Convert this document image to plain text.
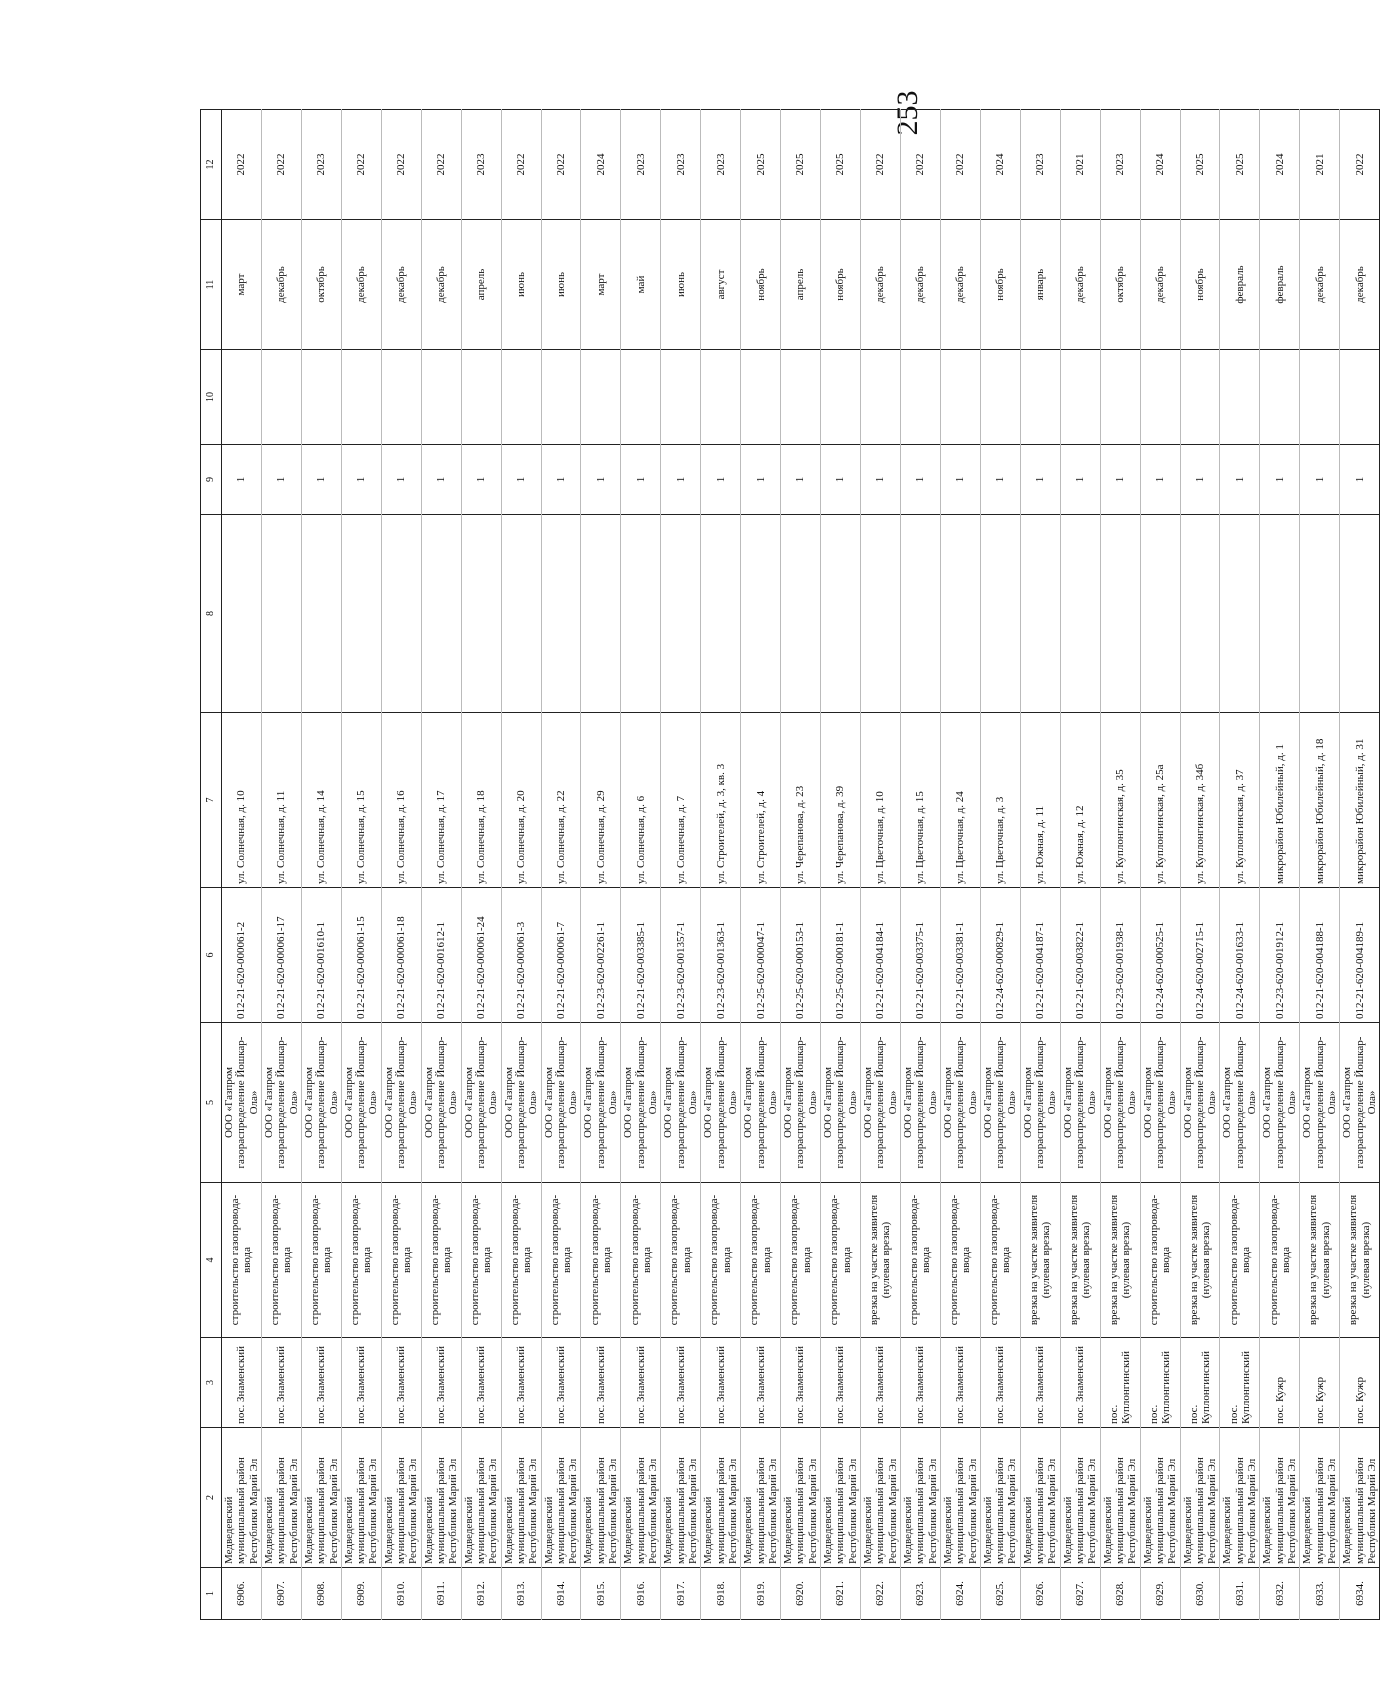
253
1	2	3	4	5	6	7	8	9	10	11	12
6906.	Медведевский муниципальный район Республики Марий Эл	пос. Знаменский	строительство газопровода-ввода	ООО «Газпром газораспределение Йошкар-Ола»	012-21-620-000061-2	ул. Солнечная, д. 10		1		март	2022
6907.	Медведевский муниципальный район Республики Марий Эл	пос. Знаменский	строительство газопровода-ввода	ООО «Газпром газораспределение Йошкар-Ола»	012-21-620-000061-17	ул. Солнечная, д. 11		1		декабрь	2022
6908.	Медведевский муниципальный район Республики Марий Эл	пос. Знаменский	строительство газопровода-ввода	ООО «Газпром газораспределение Йошкар-Ола»	012-21-620-001610-1	ул. Солнечная, д. 14		1		октябрь	2023
6909.	Медведевский муниципальный район Республики Марий Эл	пос. Знаменский	строительство газопровода-ввода	ООО «Газпром газораспределение Йошкар-Ола»	012-21-620-000061-15	ул. Солнечная, д. 15		1		декабрь	2022
6910.	Медведевский муниципальный район Республики Марий Эл	пос. Знаменский	строительство газопровода-ввода	ООО «Газпром газораспределение Йошкар-Ола»	012-21-620-000061-18	ул. Солнечная, д. 16		1		декабрь	2022
6911.	Медведевский муниципальный район Республики Марий Эл	пос. Знаменский	строительство газопровода-ввода	ООО «Газпром газораспределение Йошкар-Ола»	012-21-620-001612-1	ул. Солнечная, д. 17		1		декабрь	2022
6912.	Медведевский муниципальный район Республики Марий Эл	пос. Знаменский	строительство газопровода-ввода	ООО «Газпром газораспределение Йошкар-Ола»	012-21-620-000061-24	ул. Солнечная, д. 18		1		апрель	2023
6913.	Медведевский муниципальный район Республики Марий Эл	пос. Знаменский	строительство газопровода-ввода	ООО «Газпром газораспределение Йошкар-Ола»	012-21-620-000061-3	ул. Солнечная, д. 20		1		июнь	2022
6914.	Медведевский муниципальный район Республики Марий Эл	пос. Знаменский	строительство газопровода-ввода	ООО «Газпром газораспределение Йошкар-Ола»	012-21-620-000061-7	ул. Солнечная, д. 22		1		июнь	2022
6915.	Медведевский муниципальный район Республики Марий Эл	пос. Знаменский	строительство газопровода-ввода	ООО «Газпром газораспределение Йошкар-Ола»	012-23-620-002261-1	ул. Солнечная, д. 29		1		март	2024
6916.	Медведевский муниципальный район Республики Марий Эл	пос. Знаменский	строительство газопровода-ввода	ООО «Газпром газораспределение Йошкар-Ола»	012-21-620-003385-1	ул. Солнечная, д. 6		1		май	2023
6917.	Медведевский муниципальный район Республики Марий Эл	пос. Знаменский	строительство газопровода-ввода	ООО «Газпром газораспределение Йошкар-Ола»	012-23-620-001357-1	ул. Солнечная, д. 7		1		июнь	2023
6918.	Медведевский муниципальный район Республики Марий Эл	пос. Знаменский	строительство газопровода-ввода	ООО «Газпром газораспределение Йошкар-Ола»	012-23-620-001363-1	ул. Строителей, д. 3, кв. 3		1		август	2023
6919.	Медведевский муниципальный район Республики Марий Эл	пос. Знаменский	строительство газопровода-ввода	ООО «Газпром газораспределение Йошкар-Ола»	012-25-620-000047-1	ул. Строителей, д. 4		1		ноябрь	2025
6920.	Медведевский муниципальный район Республики Марий Эл	пос. Знаменский	строительство газопровода-ввода	ООО «Газпром газораспределение Йошкар-Ола»	012-25-620-000153-1	ул. Черепанова, д. 23		1		апрель	2025
6921.	Медведевский муниципальный район Республики Марий Эл	пос. Знаменский	строительство газопровода-ввода	ООО «Газпром газораспределение Йошкар-Ола»	012-25-620-000181-1	ул. Черепанова, д. 39		1		ноябрь	2025
6922.	Медведевский муниципальный район Республики Марий Эл	пос. Знаменский	врезка на участке заявителя (нулевая врезка)	ООО «Газпром газораспределение Йошкар-Ола»	012-21-620-004184-1	ул. Цветочная, д. 10		1		декабрь	2022
6923.	Медведевский муниципальный район Республики Марий Эл	пос. Знаменский	строительство газопровода-ввода	ООО «Газпром газораспределение Йошкар-Ола»	012-21-620-003375-1	ул. Цветочная, д. 15		1		декабрь	2022
6924.	Медведевский муниципальный район Республики Марий Эл	пос. Знаменский	строительство газопровода-ввода	ООО «Газпром газораспределение Йошкар-Ола»	012-21-620-003381-1	ул. Цветочная, д. 24		1		декабрь	2022
6925.	Медведевский муниципальный район Республики Марий Эл	пос. Знаменский	строительство газопровода-ввода	ООО «Газпром газораспределение Йошкар-Ола»	012-24-620-000829-1	ул. Цветочная, д. 3		1		ноябрь	2024
6926.	Медведевский муниципальный район Республики Марий Эл	пос. Знаменский	врезка на участке заявителя (нулевая врезка)	ООО «Газпром газораспределение Йошкар-Ола»	012-21-620-004187-1	ул. Южная, д. 11		1		январь	2023
6927.	Медведевский муниципальный район Республики Марий Эл	пос. Знаменский	врезка на участке заявителя (нулевая врезка)	ООО «Газпром газораспределение Йошкар-Ола»	012-21-620-003822-1	ул. Южная, д. 12		1		декабрь	2021
6928.	Медведевский муниципальный район Республики Марий Эл	пос. Куплонгинский	врезка на участке заявителя (нулевая врезка)	ООО «Газпром газораспределение Йошкар-Ола»	012-23-620-001938-1	ул. Куплонгинская, д. 35		1		октябрь	2023
6929.	Медведевский муниципальный район Республики Марий Эл	пос. Куплонгинский	строительство газопровода-ввода	ООО «Газпром газораспределение Йошкар-Ола»	012-24-620-000525-1	ул. Куплонгинская, д. 25а		1		декабрь	2024
6930.	Медведевский муниципальный район Республики Марий Эл	пос. Куплонгинский	врезка на участке заявителя (нулевая врезка)	ООО «Газпром газораспределение Йошкар-Ола»	012-24-620-002715-1	ул. Куплонгинская, д. 34б		1		ноябрь	2025
6931.	Медведевский муниципальный район Республики Марий Эл	пос. Куплонгинский	строительство газопровода-ввода	ООО «Газпром газораспределение Йошкар-Ола»	012-24-620-001633-1	ул. Куплонгинская, д. 37		1		февраль	2025
6932.	Медведевский муниципальный район Республики Марий Эл	пос. Кужр	строительство газопровода-ввода	ООО «Газпром газораспределение Йошкар-Ола»	012-23-620-001912-1	микрорайон Юбилейный, д. 1		1		февраль	2024
6933.	Медведевский муниципальный район Республики Марий Эл	пос. Кужр	врезка на участке заявителя (нулевая врезка)	ООО «Газпром газораспределение Йошкар-Ола»	012-21-620-004188-1	микрорайон Юбилейный, д. 18		1		декабрь	2021
6934.	Медведевский муниципальный район Республики Марий Эл	пос. Кужр	врезка на участке заявителя (нулевая врезка)	ООО «Газпром газораспределение Йошкар-Ола»	012-21-620-004189-1	микрорайон Юбилейный, д. 31		1		декабрь	2022
